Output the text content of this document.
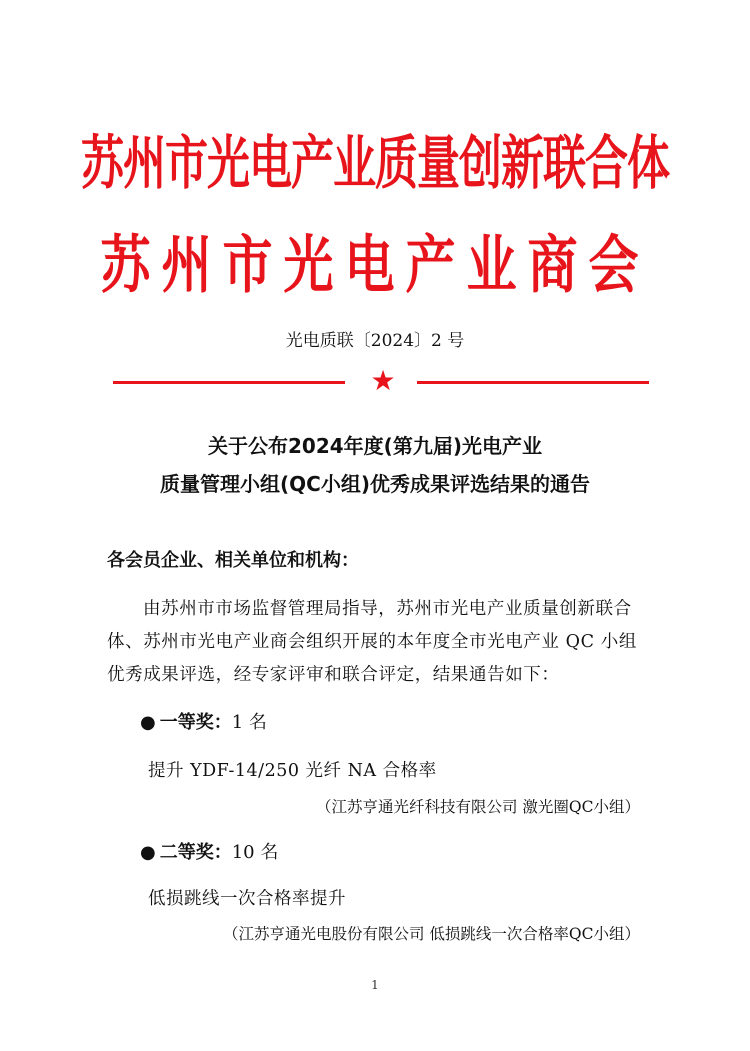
苏州市光电产业质量创新联合体
苏州市光电产业商会
光电质联〔2024〕2 号
★
关于公布2024年度(第九届)光电产业
质量管理小组(QC小组)优秀成果评选结果的通告
各会员企业、相关单位和机构：
由苏州市市场监督管理局指导，苏州市光电产业质量创新联合体、苏州市光电产业商会组织开展的本年度全市光电产业 QC 小组优秀成果评选，经专家评审和联合评定，结果通告如下：
● 一等奖：1 名
提升 YDF-14/250 光纤 NA 合格率
（江苏亨通光纤科技有限公司 激光圈QC小组）
● 二等奖：10 名
低损跳线一次合格率提升
（江苏亨通光电股份有限公司 低损跳线一次合格率QC小组）
1
